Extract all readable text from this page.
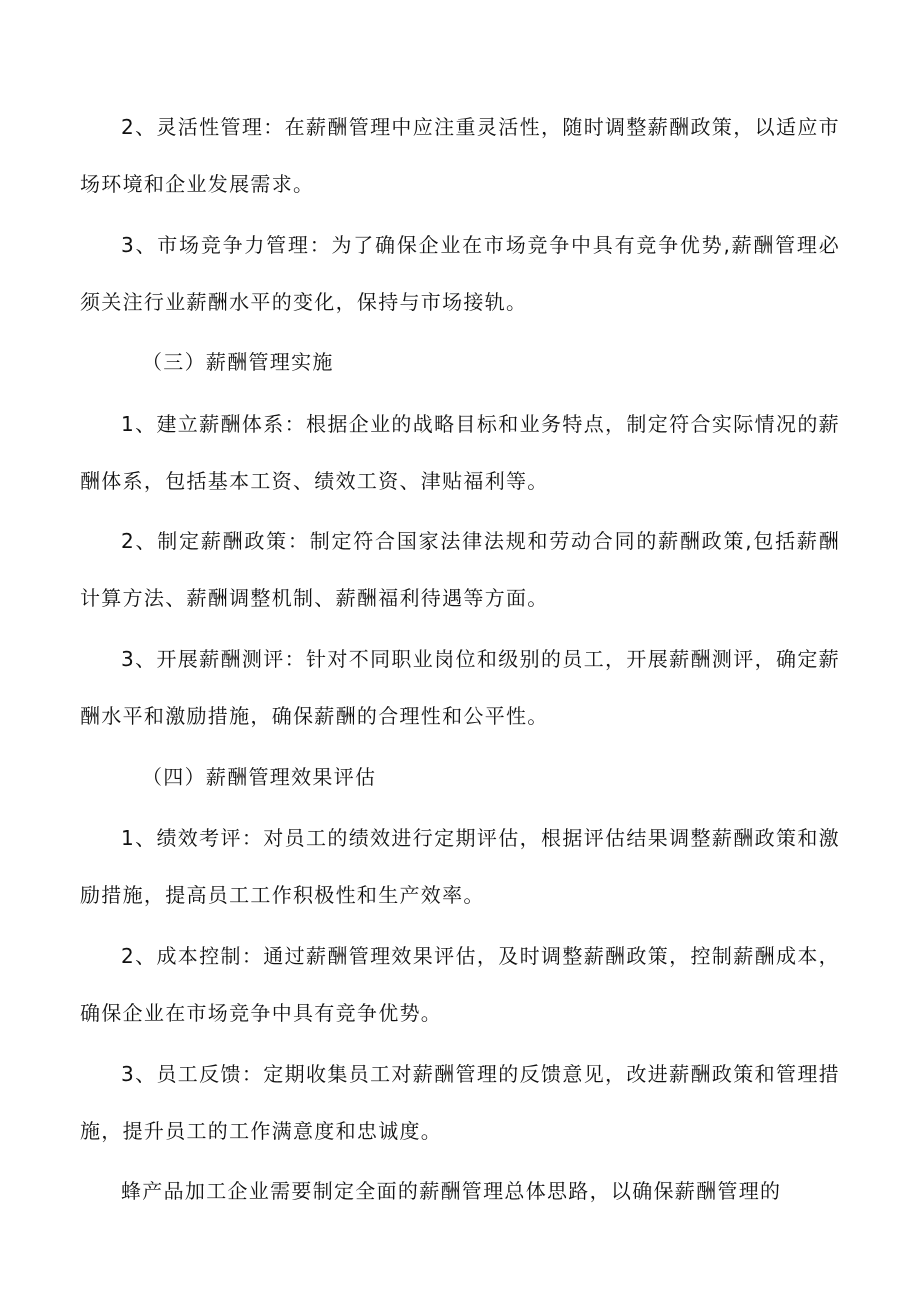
2、灵活性管理：在薪酬管理中应注重灵活性，随时调整薪酬政策，以适应市场环境和企业发展需求。

3、市场竞争力管理：为了确保企业在市场竞争中具有竞争优势,薪酬管理必须关注行业薪酬水平的变化，保持与市场接轨。

（三）薪酬管理实施

1、建立薪酬体系：根据企业的战略目标和业务特点，制定符合实际情况的薪酬体系，包括基本工资、绩效工资、津贴福利等。

2、制定薪酬政策：制定符合国家法律法规和劳动合同的薪酬政策,包括薪酬计算方法、薪酬调整机制、薪酬福利待遇等方面。

3、开展薪酬测评：针对不同职业岗位和级别的员工，开展薪酬测评，确定薪酬水平和激励措施，确保薪酬的合理性和公平性。

（四）薪酬管理效果评估

1、绩效考评：对员工的绩效进行定期评估，根据评估结果调整薪酬政策和激励措施，提高员工工作积极性和生产效率。

2、成本控制：通过薪酬管理效果评估，及时调整薪酬政策，控制薪酬成本，确保企业在市场竞争中具有竞争优势。

3、员工反馈：定期收集员工对薪酬管理的反馈意见，改进薪酬政策和管理措施，提升员工的工作满意度和忠诚度。

蜂产品加工企业需要制定全面的薪酬管理总体思路，以确保薪酬管理的
